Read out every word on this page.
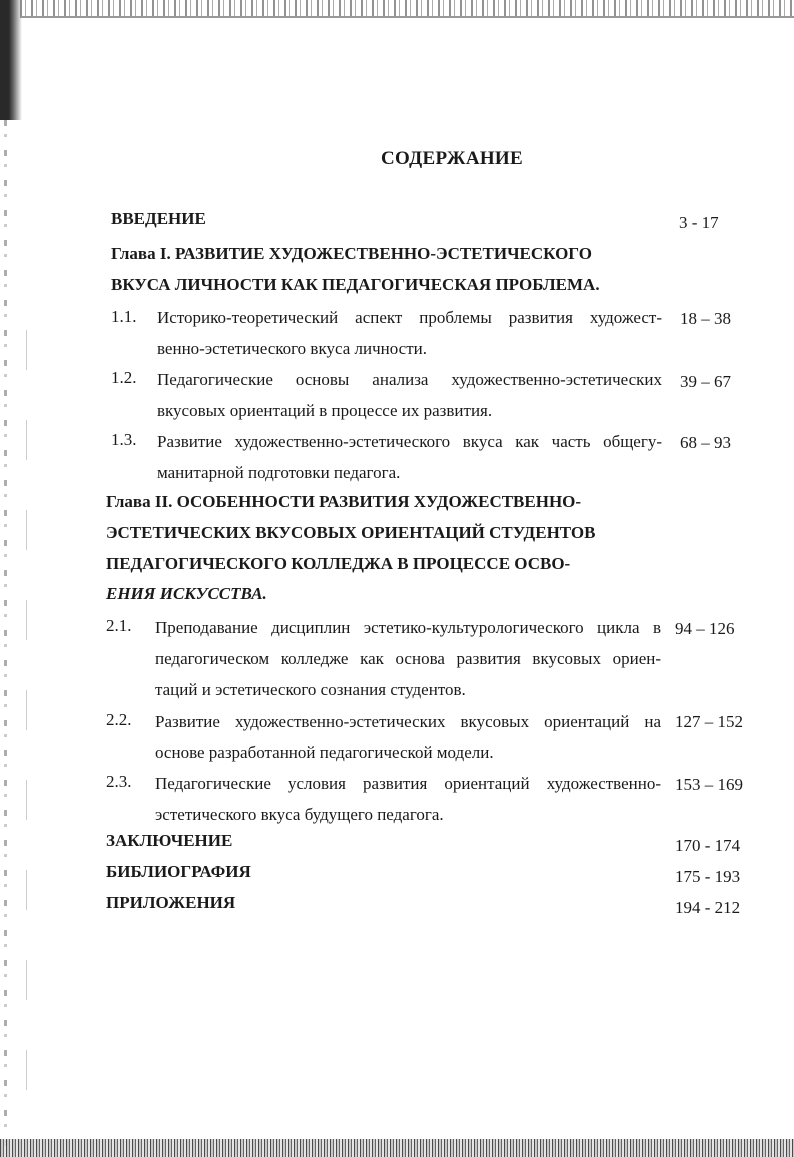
СОДЕРЖАНИЕ
ВВЕДЕНИЕ	3 - 17
Глава I. РАЗВИТИЕ ХУДОЖЕСТВЕННО-ЭСТЕТИЧЕСКОГО
ВКУСА ЛИЧНОСТИ КАК ПЕДАГОГИЧЕСКАЯ ПРОБЛЕМА.
1.1. Историко-теоретический аспект проблемы развития художест-
венно-эстетического вкуса личности.
18 – 38
1.2. Педагогические основы анализа художественно-эстетических
вкусовых ориентаций в процессе их развития.
39 – 67
1.3. Развитие художественно-эстетического вкуса как часть общегу-
манитарной подготовки педагога.
68 – 93
Глава II. ОСОБЕННОСТИ РАЗВИТИЯ ХУДОЖЕСТВЕННО-
ЭСТЕТИЧЕСКИХ ВКУСОВЫХ ОРИЕНТАЦИЙ СТУДЕНТОВ
ПЕДАГОГИЧЕСКОГО КОЛЛЕДЖА В ПРОЦЕССЕ ОСВО-
ЕНИЯ ИСКУССТВА.
2.1. Преподавание дисциплин эстетико-культурологического цикла в
педагогическом колледже как основа развития вкусовых ориен-
таций и эстетического сознания студентов.
94 – 126
2.2. Развитие художественно-эстетических вкусовых ориентаций на
основе разработанной педагогической модели.
127 – 152
2.3. Педагогические условия развития ориентаций художественно-
эстетического вкуса будущего педагога.
153 – 169
ЗАКЛЮЧЕНИЕ	170 - 174
БИБЛИОГРАФИЯ	175 - 193
ПРИЛОЖЕНИЯ	194 - 212
